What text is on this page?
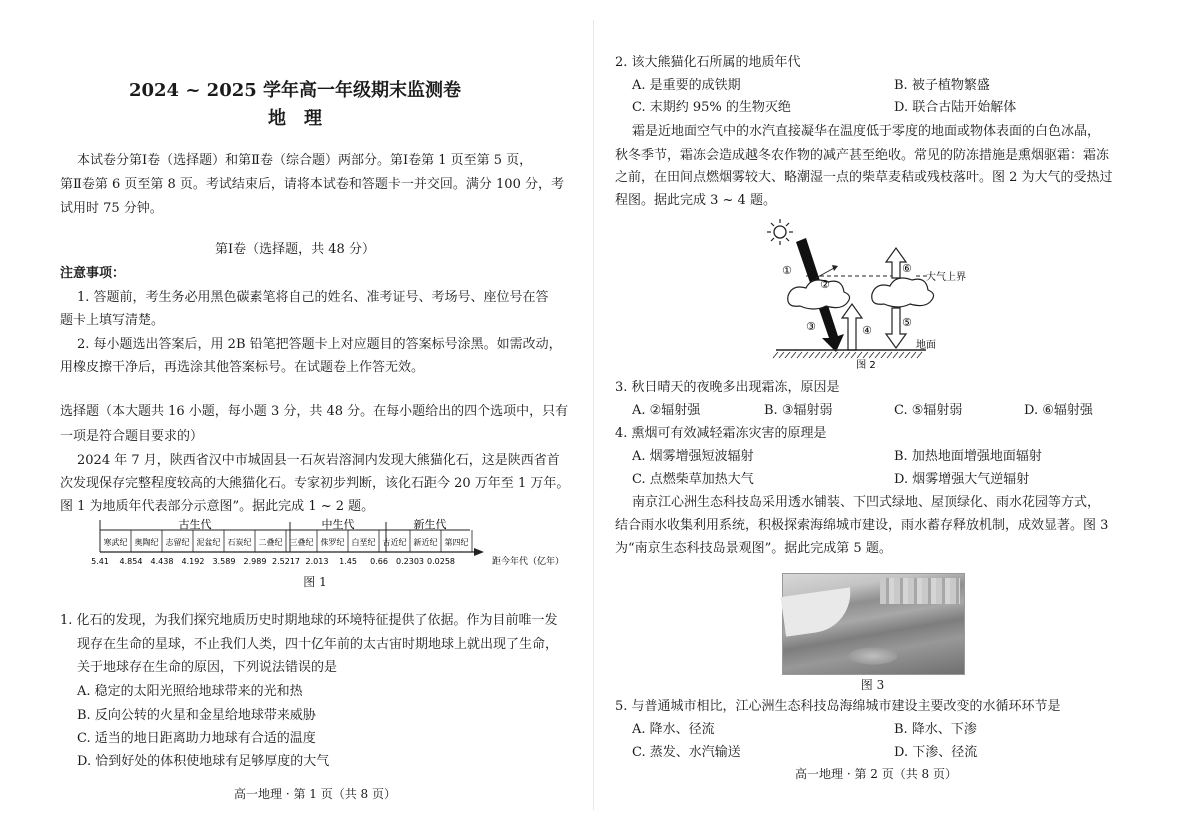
2024 ~ 2025 学年高一年级期末监测卷
地　理
本试卷分第Ⅰ卷（选择题）和第Ⅱ卷（综合题）两部分。第Ⅰ卷第 1 页至第 5 页，
第Ⅱ卷第 6 页至第 8 页。考试结束后，请将本试卷和答题卡一并交回。满分 100 分，考
试用时 75 分钟。
第Ⅰ卷（选择题，共 48 分）
注意事项：
1. 答题前，考生务必用黑色碳素笔将自己的姓名、准考证号、考场号、座位号在答
题卡上填写清楚。
2. 每小题选出答案后，用 2B 铅笔把答题卡上对应题目的答案标号涂黑。如需改动，
用橡皮擦干净后，再选涂其他答案标号。在试题卷上作答无效。
选择题（本大题共 16 小题，每小题 3 分，共 48 分。在每小题给出的四个选项中，只有
一项是符合题目要求的）
2024 年 7 月，陕西省汉中市城固县一石灰岩溶洞内发现大熊猫化石，这是陕西省首
次发现保存完整程度较高的大熊猫化石。专家初步判断，该化石距今 20 万年至 1 万年。
图 1 为地质年代表部分示意图”。据此完成 1 ~ 2 题。
古生代	中生代	新生代
寒武纪 奥陶纪 志留纪 泥盆纪 石炭纪 二叠纪 三叠纪 侏罗纪 白垩纪 古近纪 新近纪 第四纪
5.41 4.854 4.438 4.192 3.589 2.989 2.5217 2.013 1.45 0.66 0.2303 0.0258	距今年代（亿年）
图 1
1. 化石的发现，为我们探究地质历史时期地球的环境特征提供了依据。作为目前唯一发
现存在生命的星球，不止我们人类，四十亿年前的太古宙时期地球上就出现了生命，
关于地球存在生命的原因，下列说法错误的是
A. 稳定的太阳光照给地球带来的光和热
B. 反向公转的火星和金星给地球带来威胁
C. 适当的地日距离助力地球有合适的温度
D. 恰到好处的体积使地球有足够厚度的大气
高一地理 · 第 1 页（共 8 页）
2. 该大熊猫化石所属的地质年代
A. 是重要的成铁期	B. 被子植物繁盛
C. 末期约 95% 的生物灭绝	D. 联合古陆开始解体
霜是近地面空气中的水汽直接凝华在温度低于零度的地面或物体表面的白色冰晶，
秋冬季节，霜冻会造成越冬农作物的减产甚至绝收。常见的防冻措施是熏烟驱霜：霜冻
之前，在田间点燃烟雾较大、略潮湿一点的柴草麦秸或残枝落叶。图 2 为大气的受热过
程图。据此完成 3 ~ 4 题。
大气上界
地面
①
②
③	④
⑤
⑥
图 2
3. 秋日晴天的夜晚多出现霜冻，原因是
A. ②辐射强	B. ③辐射弱	C. ⑤辐射弱	D. ⑥辐射强
4. 熏烟可有效减轻霜冻灾害的原理是
A. 烟雾增强短波辐射	B. 加热地面增强地面辐射
C. 点燃柴草加热大气	D. 烟雾增强大气逆辐射
南京江心洲生态科技岛采用透水铺装、下凹式绿地、屋顶绿化、雨水花园等方式，
结合雨水收集利用系统，积极探索海绵城市建设，雨水蓄存释放机制，成效显著。图 3
为“南京生态科技岛景观图”。据此完成第 5 题。
图 3
5. 与普通城市相比，江心洲生态科技岛海绵城市建设主要改变的水循环环节是
A. 降水、径流	B. 降水、下渗
C. 蒸发、水汽输送	D. 下渗、径流
高一地理 · 第 2 页（共 8 页）
